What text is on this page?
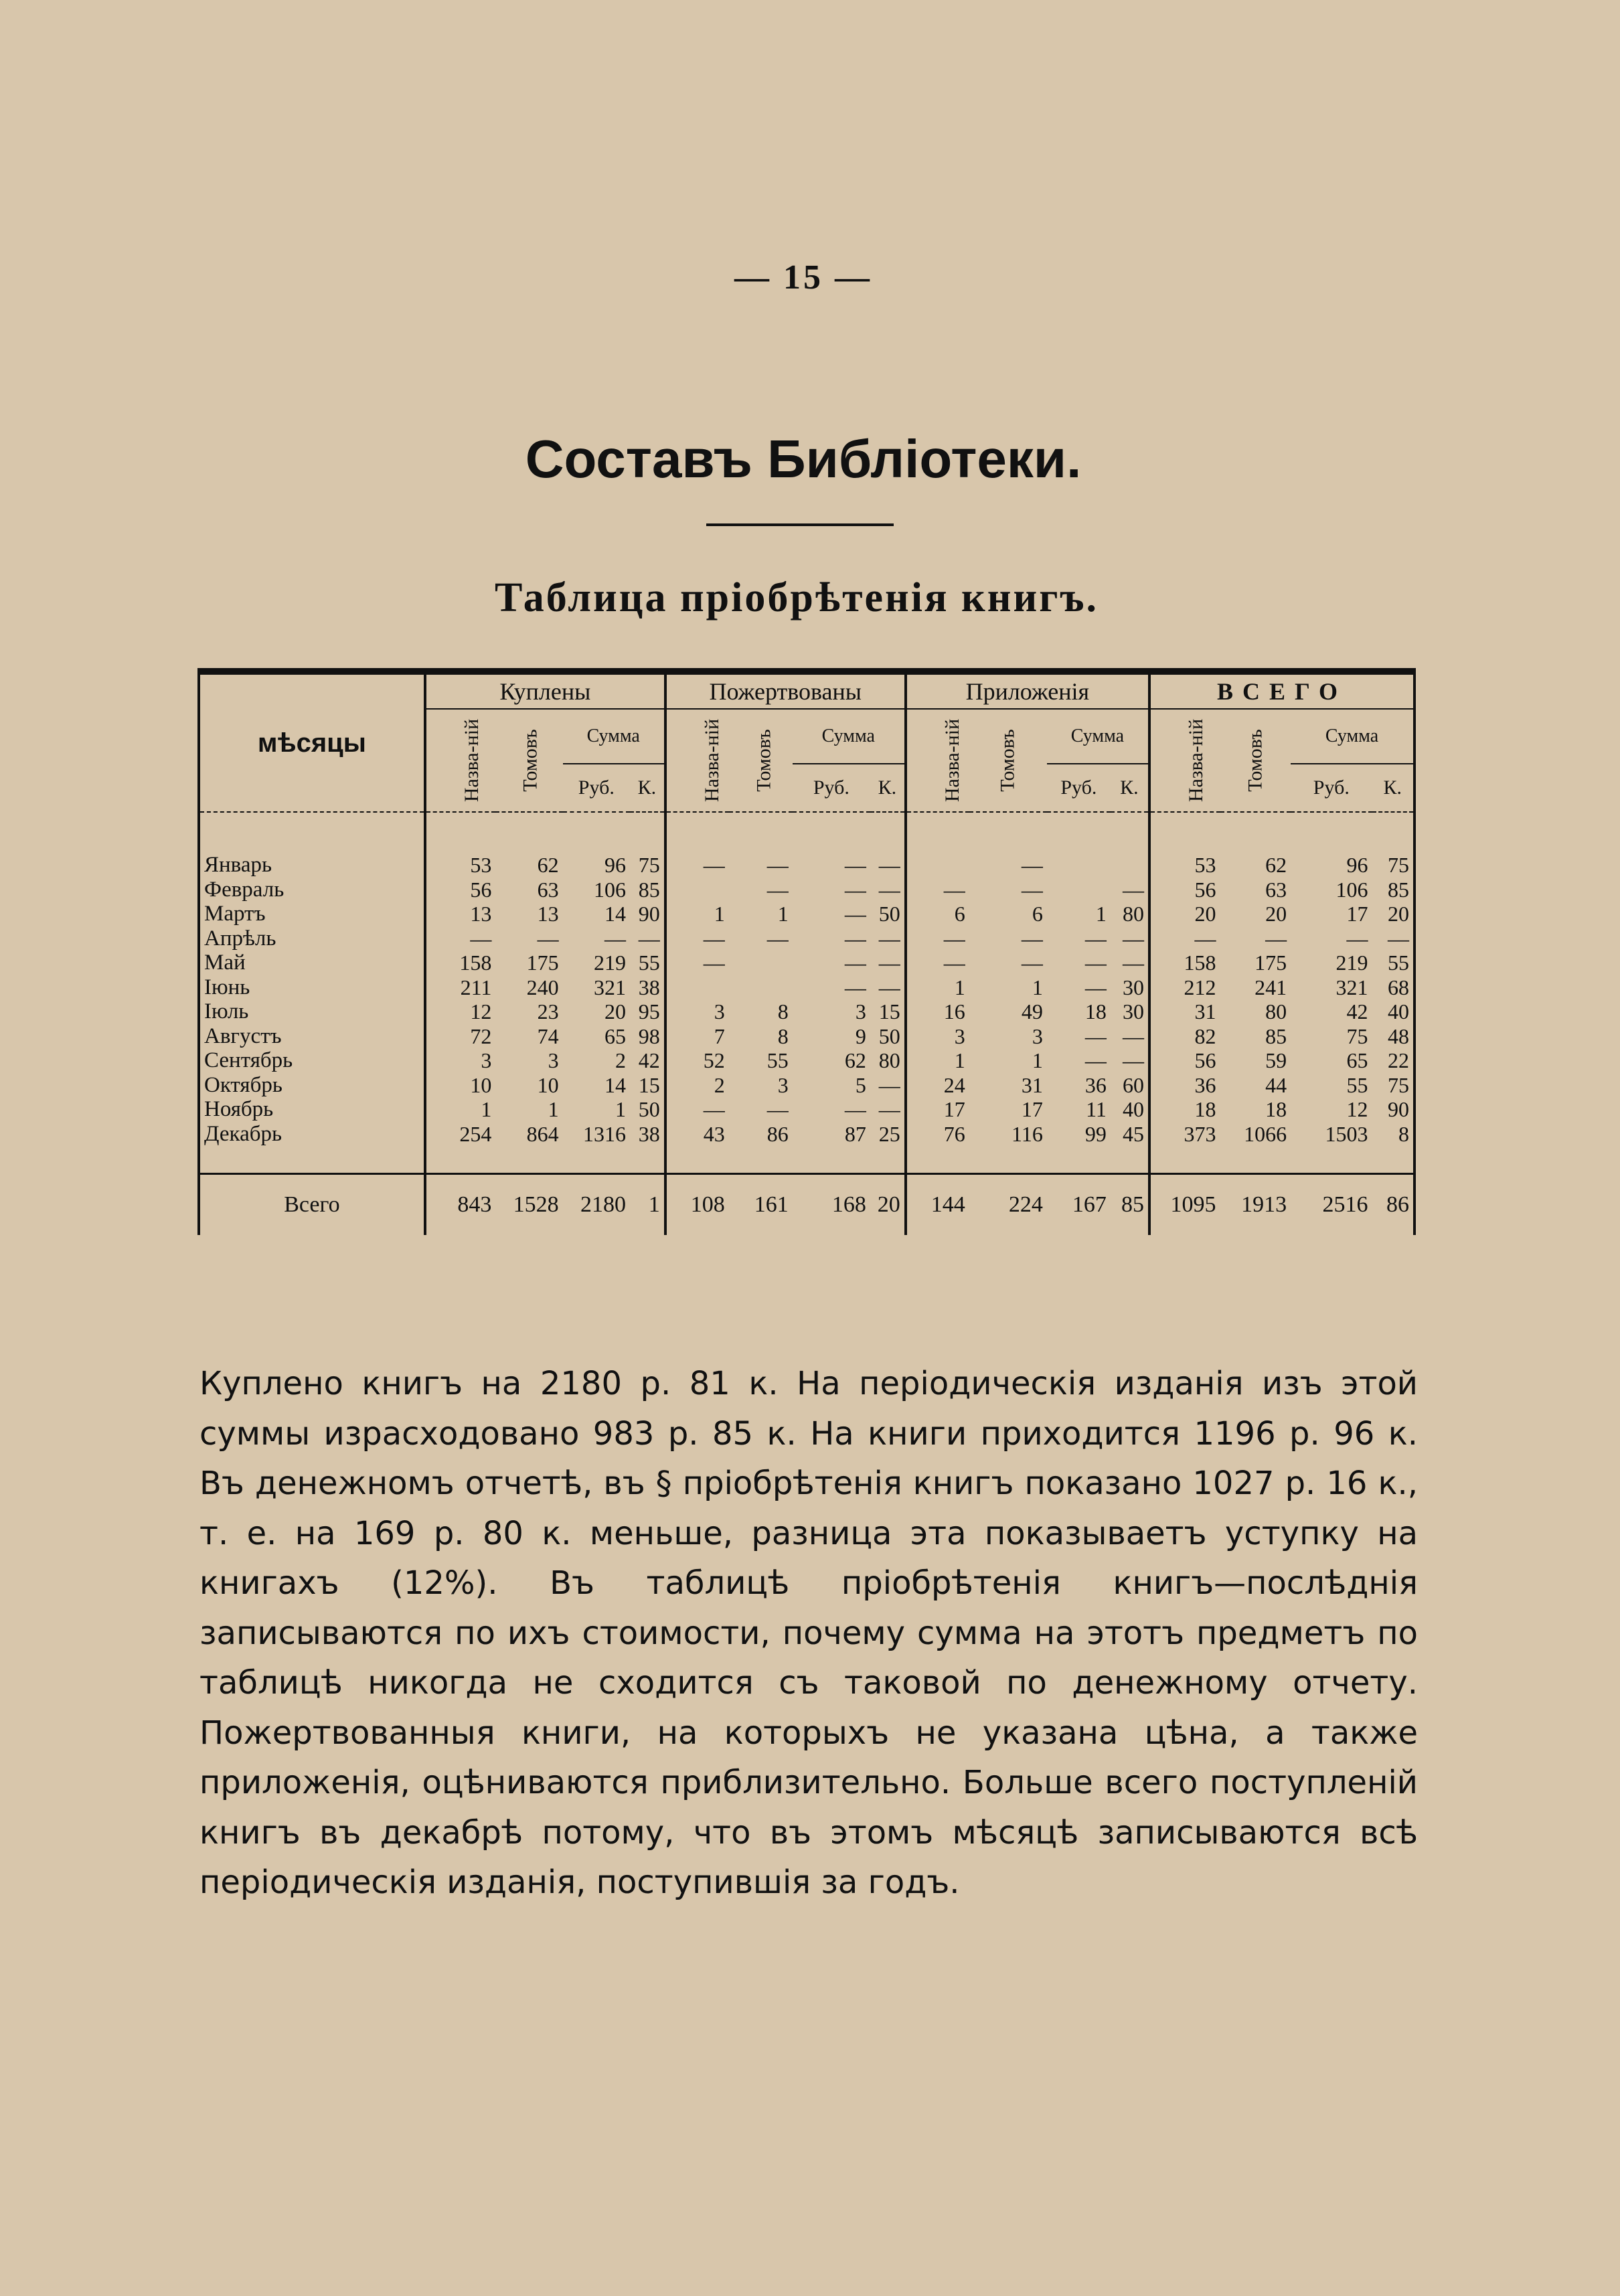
— 15 —
Составъ Библіотеки.
Таблица пріобрѣтенія книгъ.
мѣсяцы	Куплены				Пожертвованы				Приложенія				ВСЕГО			
	Назва-ній	Томовъ	Сумма		Назва-ній	Томовъ	Сумма		Назва-ній	Томовъ	Сумма		Назва-ній	Томовъ	Сумма	
			Руб.	К.			Руб.	К.			Руб.	К.			Руб.	К.

Январь	53	62	96	75	—	—	—	—		—			53	62	96	75
Февраль	56	63	106	85		—	—	—	—	—		—	56	63	106	85
Мартъ	13	13	14	90	1	1	—	50	6	6	1	80	20	20	17	20
Апрѣль	—	—	—	—	—	—	—	—	—	—	—	—	—	—	—	—
Май	158	175	219	55	—		—	—	—	—	—	—	158	175	219	55
Іюнь	211	240	321	38			—	—	1	1	—	30	212	241	321	68
Іюль	12	23	20	95	3	8	3	15	16	49	18	30	31	80	42	40
Августъ	72	74	65	98	7	8	9	50	3	3	—	—	82	85	75	48
Сентябрь	3	3	2	42	52	55	62	80	1	1	—	—	56	59	65	22
Октябрь	10	10	14	15	2	3	5	—	24	31	36	60	36	44	55	75
Ноябрь	1	1	1	50	—	—	—	—	17	17	11	40	18	18	12	90
Декабрь	254	864	1316	38	43	86	87	25	76	116	99	45	373	1066	1503	8

Всего	843	1528	2180	1	108	161	168	20	144	224	167	85	1095	1913	2516	86

Куплено книгъ на 2180 р. 81 к. На періодическія изданія изъ этой суммы израсходовано 983 р. 85 к. На книги приходится 1196 р. 96 к. Въ денежномъ отчетѣ, въ § пріобрѣтенія книгъ показано 1027 р. 16 к., т. е. на 169 р. 80 к. меньше, разница эта показываетъ уступку на книгахъ (12%). Въ таблицѣ пріобрѣтенія книгъ—послѣднія записываются по ихъ стоимости, почему сумма на этотъ предметъ по таблицѣ никогда не сходится съ таковой по денежному отчету. Пожертвованныя книги, на которыхъ не указана цѣна, а также приложенія, оцѣниваются приблизительно. Больше всего поступленій книгъ въ декабрѣ потому, что въ этомъ мѣсяцѣ записываются всѣ періодическія изданія, поступившія за годъ.
